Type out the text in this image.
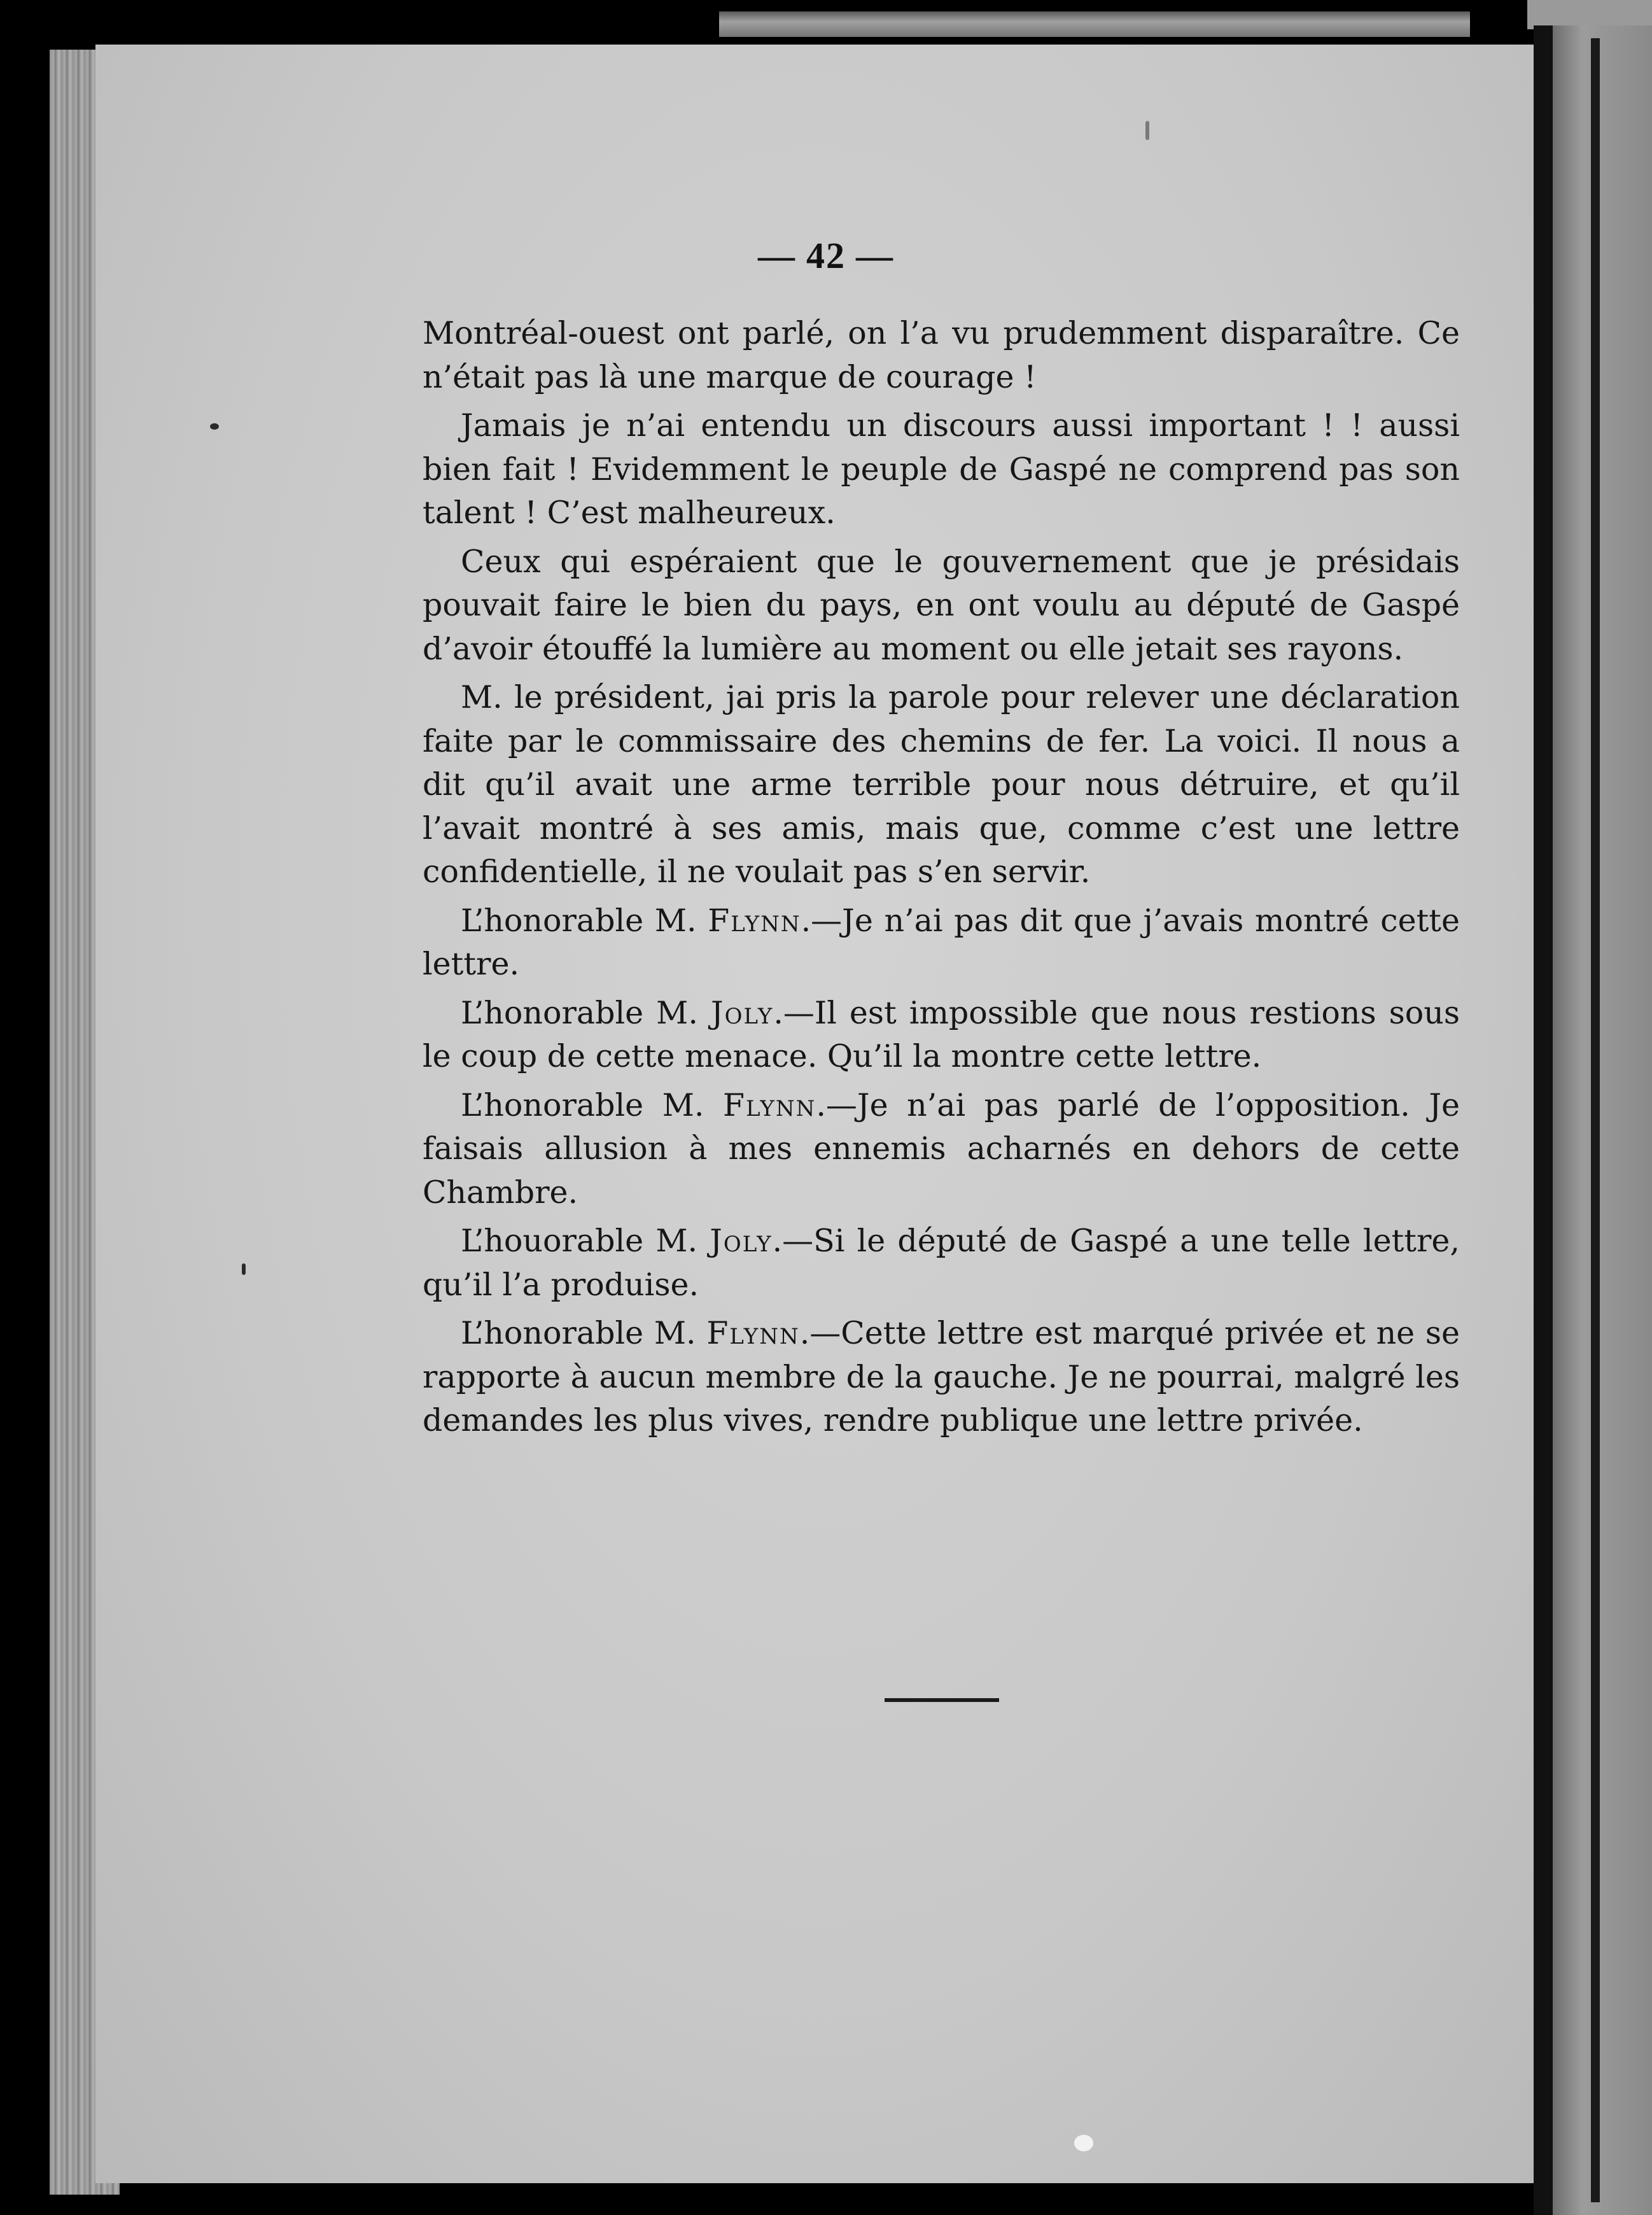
— 42 —

Montréal-ouest ont parlé, on l’a vu prudemment disparaître. Ce n’était pas là une marque de courage !

Jamais je n’ai entendu un discours aussi important ! ! aussi bien fait ! Evidemment le peuple de Gaspé ne comprend pas son talent ! C’est malheureux.

Ceux qui espéraient que le gouvernement que je présidais pouvait faire le bien du pays, en ont voulu au député de Gaspé d’avoir étouffé la lumière au moment ou elle jetait ses rayons.

M. le président, jai pris la parole pour relever une déclaration faite par le commissaire des chemins de fer. La voici. Il nous a dit qu’il avait une arme terrible pour nous détruire, et qu’il l’avait montré à ses amis, mais que, comme c’est une lettre confidentielle, il ne voulait pas s’en servir.

L’honorable M. Flynn.—Je n’ai pas dit que j’avais montré cette lettre.

L’honorable M. Joly.—Il est impossible que nous restions sous le coup de cette menace. Qu’il la montre cette lettre.

L’honorable M. Flynn.—Je n’ai pas parlé de l’opposition. Je faisais allusion à mes ennemis acharnés en dehors de cette Chambre.

L’houorable M. Joly.—Si le député de Gaspé a une telle lettre, qu’il l’a produise.

L’honorable M. Flynn.—Cette lettre est marqué privée et ne se rapporte à aucun membre de la gauche. Je ne pourrai, malgré les demandes les plus vives, rendre publique une lettre privée.
